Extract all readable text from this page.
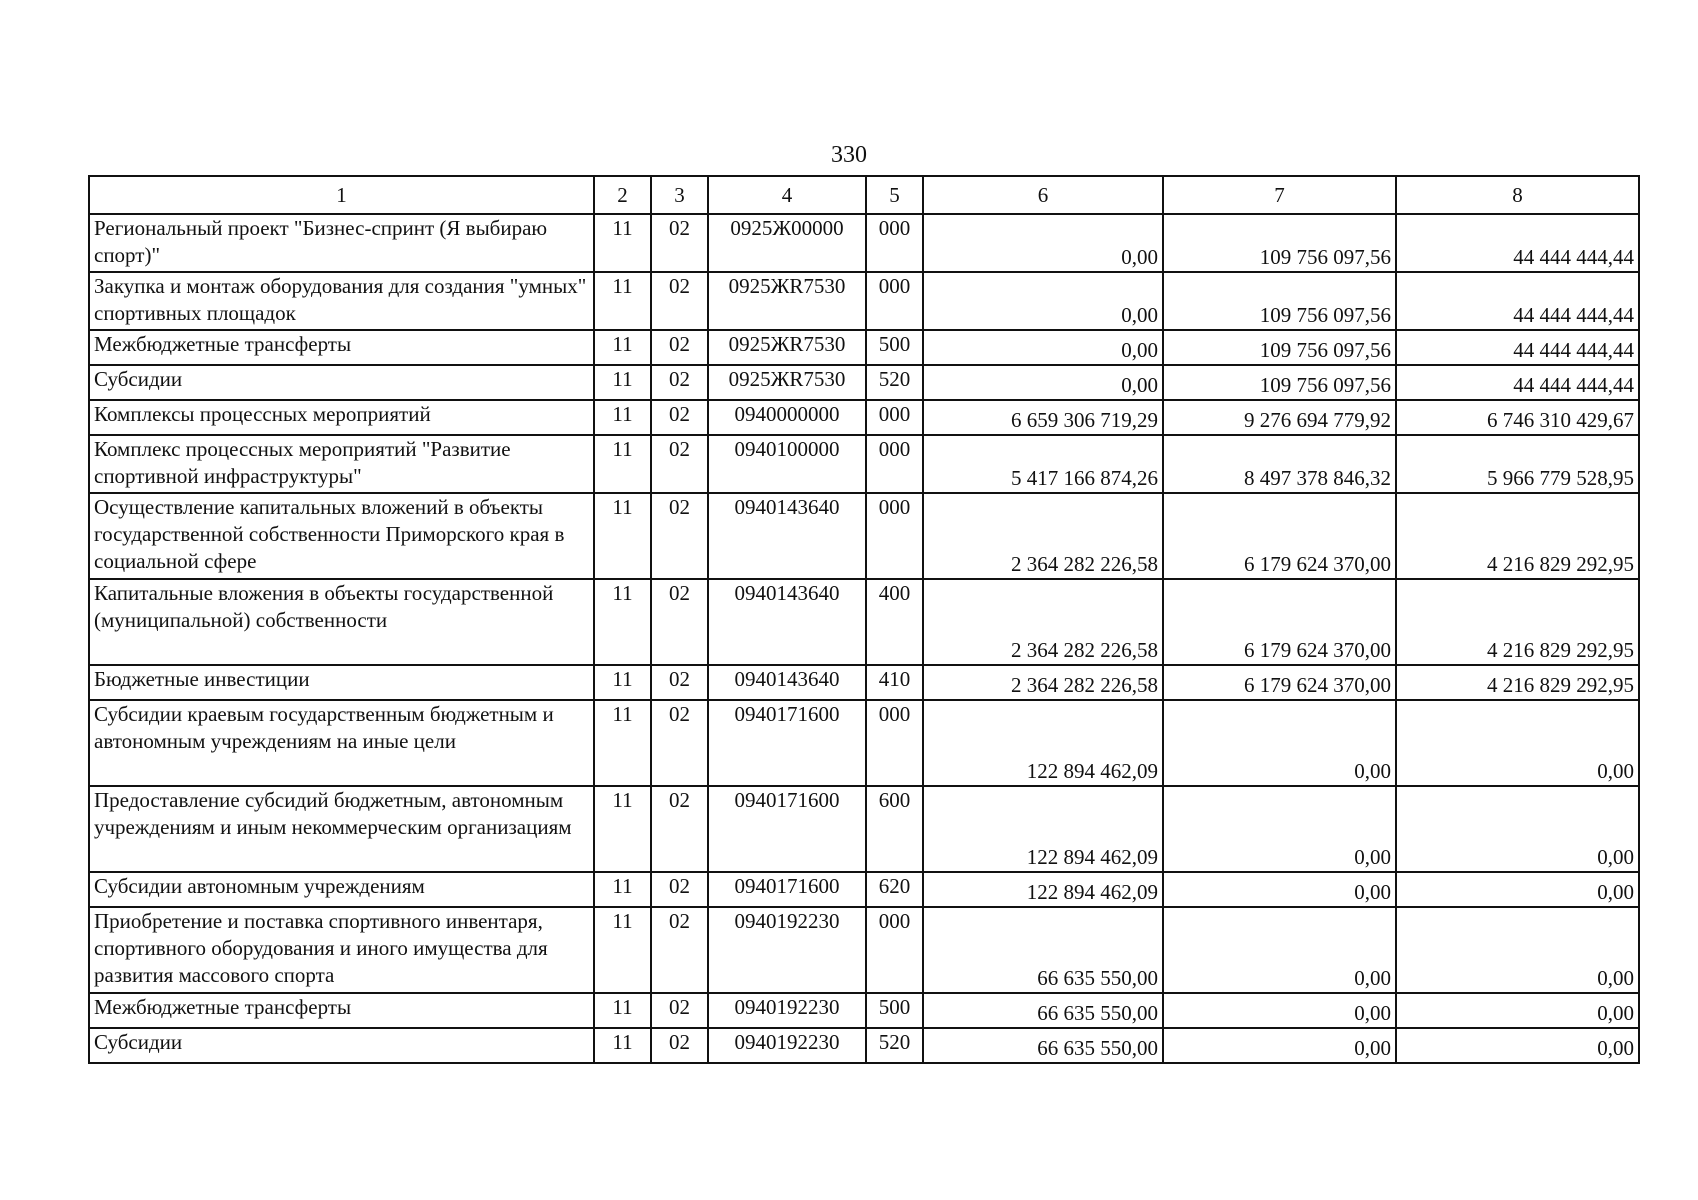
330
1	2	3	4	5	6	7	8
Региональный проект "Бизнес-спринт (Я выбираю спорт)"	11	02	0925Ж00000	000	0,00	109 756 097,56	44 444 444,44
Закупка и монтаж оборудования для создания "умных" спортивных площадок	11	02	0925ЖR7530	000	0,00	109 756 097,56	44 444 444,44
Межбюджетные трансферты	11	02	0925ЖR7530	500	0,00	109 756 097,56	44 444 444,44
Субсидии	11	02	0925ЖR7530	520	0,00	109 756 097,56	44 444 444,44
Комплексы процессных мероприятий	11	02	0940000000	000	6 659 306 719,29	9 276 694 779,92	6 746 310 429,67
Комплекс процессных мероприятий "Развитие спортивной инфраструктуры"	11	02	0940100000	000	5 417 166 874,26	8 497 378 846,32	5 966 779 528,95
Осуществление капитальных вложений в объекты государственной собственности Приморского края в социальной сфере	11	02	0940143640	000	2 364 282 226,58	6 179 624 370,00	4 216 829 292,95
Капитальные вложения в объекты государственной (муниципальной) собственности	11	02	0940143640	400	2 364 282 226,58	6 179 624 370,00	4 216 829 292,95
Бюджетные инвестиции	11	02	0940143640	410	2 364 282 226,58	6 179 624 370,00	4 216 829 292,95
Субсидии краевым государственным бюджетным и автономным учреждениям на иные цели	11	02	0940171600	000	122 894 462,09	0,00	0,00
Предоставление субсидий бюджетным, автономным учреждениям и иным некоммерческим организациям	11	02	0940171600	600	122 894 462,09	0,00	0,00
Субсидии автономным учреждениям	11	02	0940171600	620	122 894 462,09	0,00	0,00
Приобретение и поставка спортивного инвентаря, спортивного оборудования и иного имущества для развития массового спорта	11	02	0940192230	000	66 635 550,00	0,00	0,00
Межбюджетные трансферты	11	02	0940192230	500	66 635 550,00	0,00	0,00
Субсидии	11	02	0940192230	520	66 635 550,00	0,00	0,00
